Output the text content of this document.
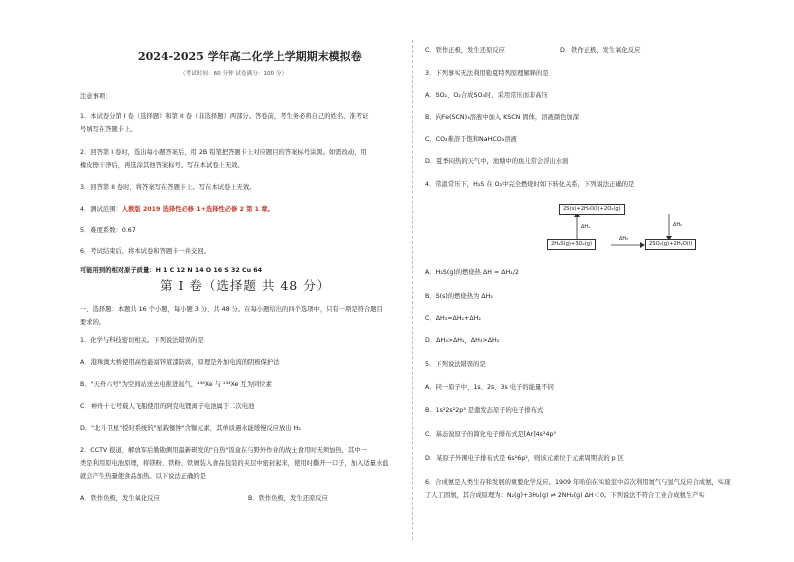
2024-2025 学年高二化学上学期期末模拟卷
（考试时间：60 分钟 试卷满分：100 分）
注意事项：
1．本试卷分第 I 卷（选择题）和第 II 卷（非选择题）两部分。答卷前，考生务必将自己的姓名、准考证
号填写在答题卡上。
2．回答第 I 卷时，选出每小题答案后，用 2B 铅笔把答题卡上对应题目的答案标号涂黑。如需改动，用
橡皮擦干净后，再选涂其他答案标号。写在本试卷上无效。
3．回答第 II 卷时，将答案写在答题卡上。写在本试卷上无效。
4．测试范围：人教版 2019 选择性必修 1+选择性必修 2 第 1 章。
5．难度系数：0.67
6．考试结束后，将本试卷和答题卡一并交回。
可能用到的相对原子质量：H 1 C 12 N 14 O 16 S 32 Cu 64
第 I 卷（选择题 共 48 分）
一、选择题：本题共 16 个小题，每小题 3 分，共 48 分。在每小题给出的四个选项中，只有一项是符合题目
要求的。
1．化学与科技密切相关。下列说法错误的是
A．港珠澳大桥使用高性能富锌底漆防腐，原理是外加电流的阴极保护法
B．"天舟六号"为空间站送去电推进氙气，¹³⁶Xe 与 ¹³⁴Xe 互为同位素
C．神舟十七号载人飞船使用的阿克电锂离子电池属于二次电池
D．"北斗卫星"授时系统的"星载铷钟"含铷元素，其单质遇水能缓慢反应放出 H₂
2．CCTV 报道，解放军后勤勘测用最新研发的"自热"饭盒在与野外作业的战士食用时无须加热，其中一
类是利用原电池原理，将镁粉、铁粉、铁屑装入食品包装的夹层中密封起来，使用时撕开一口子，加入适量水盐
就会产生热量使食品加热。以下说法正确的是
A．铁作负极，发生氧化反应	B．铁作负极，发生还原反应
C．铁作正极，发生还原反应	D．铁作正极，发生氧化反应
3．下列事实无法利用勒夏特列原理解释的是
A．SO₂、O₂合成SO₃时，采用常压而非高压
B．向Fe(SCN)₃溶液中加入 KSCN 固体，溶液颜色加深
C．CO₂难溶于饱和NaHCO₃溶液
D．夏季闷热的天气中，池塘中的鱼儿常会浮出水面
4．常温常压下，H₂S 在 O₂中完全燃烧时如下转化关系，下列说法正确的是
2S(s)+2H₂O(l)+2O₂(g)
2H₂S(g)+3O₂(g)	2SO₂(g)+2H₂O(l)
ΔH₁	ΔH₂
ΔH₃
A．H₂S(g)的燃烧热 ΔH = ΔH₁/2
B．S(s)的燃烧热为 ΔH₂
C．ΔH₃=ΔH₁+ΔH₂
D．ΔH₃>ΔH₁，ΔH₃>ΔH₂
5．下列说法错误的是
A．同一原子中，1s、2s、3s 电子的能量不同
B．1s²2s²2p³ 是激发态原子的电子排布式
C．基态溴原子的简化电子排布式是[Ar]4s²4p⁵
D．某原子外围电子排布式是 6s²6p²，则该元素位于元素周期表的 p 区
6．合成氨是人类生存和发展的重要化学反应。1909 年哈伯在实验室中首次利用氮气与氢气反应合成氨，实现
了人工固氮，其合成原理为：N₂(g)+3H₂(g) ⇌ 2NH₃(g) ΔH＜0。下列说法不符合工业合成氨生产实
